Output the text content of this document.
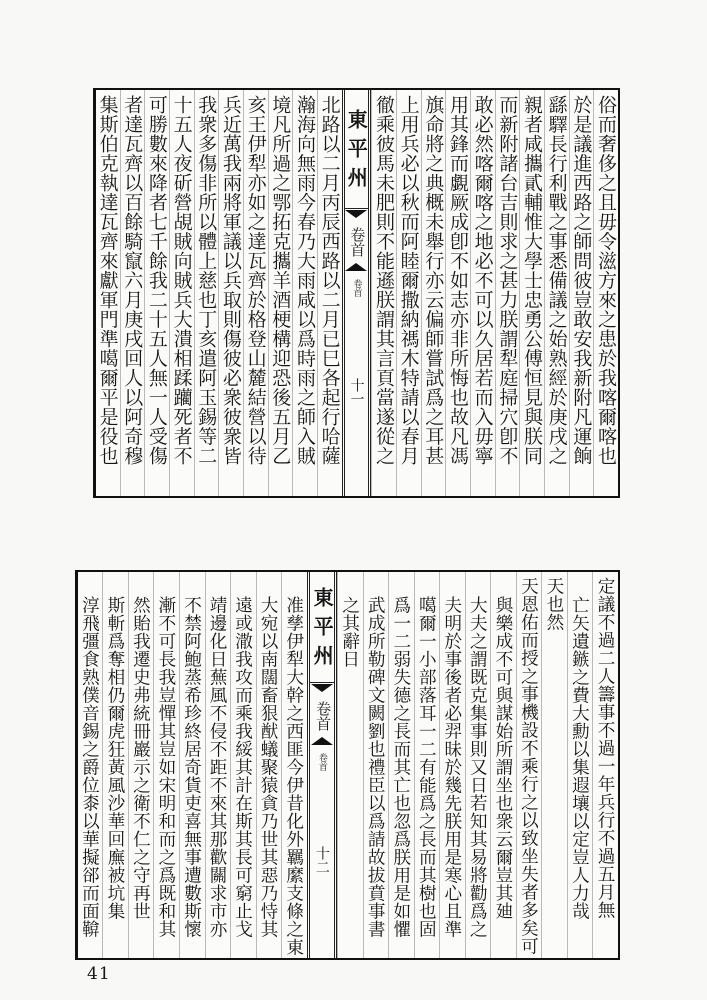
俗而奢侈之且毋令滋方來之患於我喀爾喀也
於是議進西路之師問彼豈敢安我新附凡運餉
繇驛長行利戰之事悉備議之始熟經於庚戌之
親者咸攜貳輔惟大學士忠勇公傅恒見與朕同
而新附諸台吉則求之甚力朕謂犁庭掃穴卽不
敢必然喀爾喀之地必不可以久居若而入毋寧
用其鋒而覷厥成卽不如志亦非所悔也故凡馮
旗命將之典概未舉行亦云偏師嘗試爲之耳甚
上用兵必以秋而阿睦爾撒納禡木特請以春月
徹乘彼馬未肥則不能遜朕謂其言頁當遂從之
東平州
卷首
卷首
十一
北路以二月丙辰西路以二月已巳各起行哈薩
瀚海向無雨今春乃大雨咸以爲時雨之師入賊
境凡所過之鄂拓克攜羊酒梗構迎恐後五月乙
亥王伊犁亦如之達瓦齊於格登山麓結營以待
兵近萬我兩將軍議以兵取則傷彼必衆彼衆皆
我衆多傷非所以體上慈也丁亥遣阿玉錫等二
十五人夜斫營覘賊向賊兵大潰相蹂躪死者不
可勝數來降者七千餘我二十五人無一人受傷
者達瓦齊以百餘騎竄六月庚戌回人以阿奇穆
集斯伯克執達瓦齊來獻軍門準噶爾平是役也
定議不過二人籌事不過一年兵行不過五月無
亡矢遺鏃之費大勳以集遐壤以定豈人力哉
天也然
天恩佑而授之事機設不乘行之以致坐失者多矣可
與樂成不可與謀始所謂坐也衆云爾豈其廸
大夫之謂既克集事則又日若知其易將勸爲之
夫明於事後者必羿昧於幾先朕用是寒心且準
噶爾一小部落耳一二有能爲之長而其樹也固
爲一二弱失德之長而其亡也忽爲朕用是如懼
武成所勒碑文闕劉也禮臣以爲請故拔賁事書
之其辭日
東平州
卷首
卷首
十二
准孳伊犁大幹之西匪今伊昔化外羈縻支條之東
大宛以南闊畜狠猷蟻聚猿貪乃世其惡乃恃其
遠或潵我攻而乘我綏其計在斯其長可窮止戈
靖邊化日蕪風不侵不距不來其那歡關求市亦
不禁阿鮑蒸希珍終居奇貨吏喜無事遭數斯懷
漸不可長我豈憚其豈如宋明和而之爲既和其
然貽我遷史弗統冊巖示之衛不仁之守再世
斯斬爲奪相仍爾虎狂黃風沙華回廡被坑集
淳飛彊食熟僕音錫之爵位桼以華擬郤而面鞥
41
